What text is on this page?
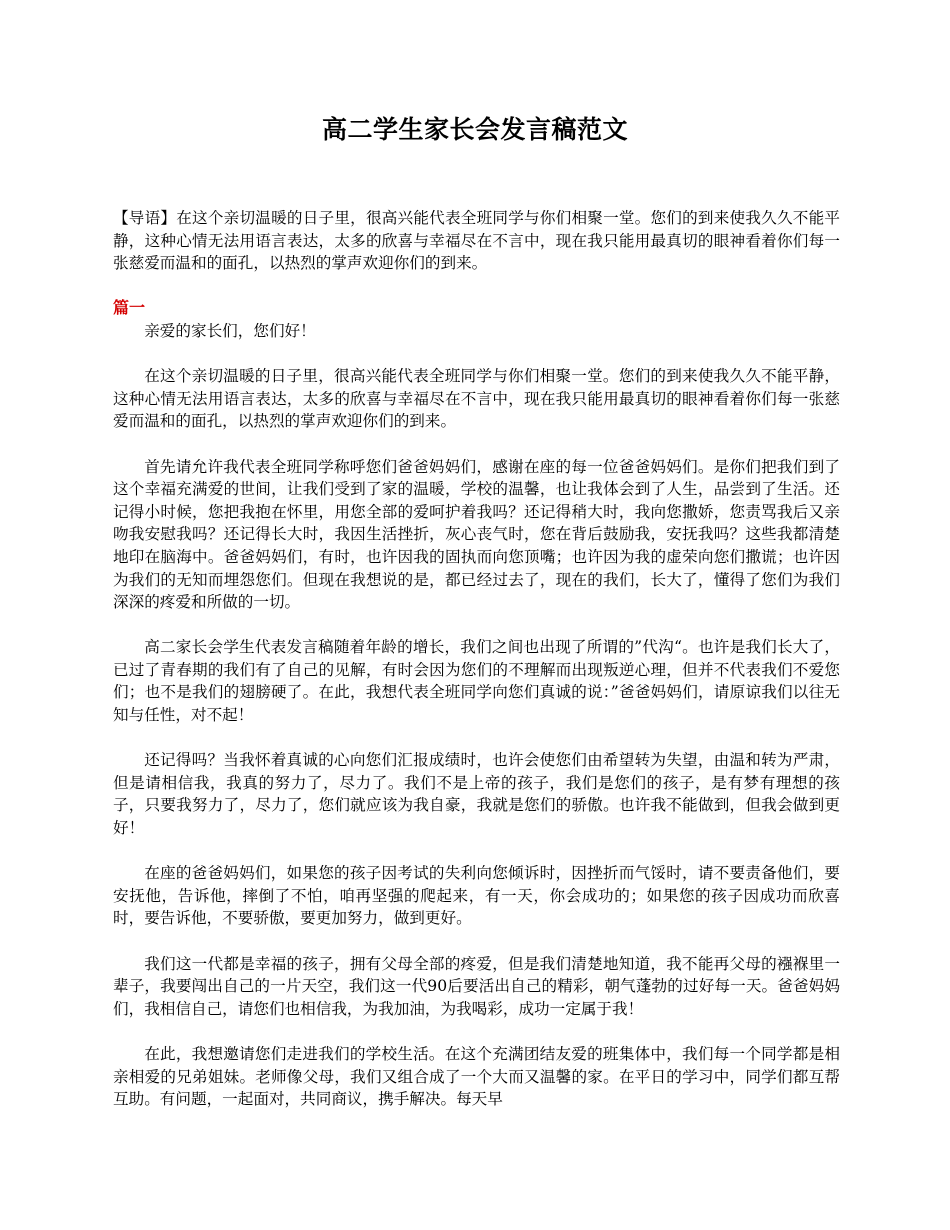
高二学生家长会发言稿范文

【导语】在这个亲切温暖的日子里，很高兴能代表全班同学与你们相聚一堂。您们的到来使我久久不能平静，这种心情无法用语言表达，太多的欣喜与幸福尽在不言中，现在我只能用最真切的眼神看着你们每一张慈爱而温和的面孔，以热烈的掌声欢迎你们的到来。

篇一

亲爱的家长们，您们好！

在这个亲切温暖的日子里，很高兴能代表全班同学与你们相聚一堂。您们的到来使我久久不能平静，这种心情无法用语言表达，太多的欣喜与幸福尽在不言中，现在我只能用最真切的眼神看着你们每一张慈爱而温和的面孔，以热烈的掌声欢迎你们的到来。

首先请允许我代表全班同学称呼您们爸爸妈妈们，感谢在座的每一位爸爸妈妈们。是你们把我们到了这个幸福充满爱的世间，让我们受到了家的温暖，学校的温馨，也让我体会到了人生，品尝到了生活。还记得小时候，您把我抱在怀里，用您全部的爱呵护着我吗？还记得稍大时，我向您撒娇，您责骂我后又亲吻我安慰我吗？还记得长大时，我因生活挫折，灰心丧气时，您在背后鼓励我，安抚我吗？这些我都清楚地印在脑海中。爸爸妈妈们，有时，也许因我的固执而向您顶嘴；也许因为我的虚荣向您们撒谎；也许因为我们的无知而埋怨您们。但现在我想说的是，都已经过去了，现在的我们，长大了，懂得了您们为我们深深的疼爱和所做的一切。

高二家长会学生代表发言稿随着年龄的增长，我们之间也出现了所谓的”代沟“。也许是我们长大了，已过了青春期的我们有了自己的见解，有时会因为您们的不理解而出现叛逆心理，但并不代表我们不爱您们；也不是我们的翅膀硬了。在此，我想代表全班同学向您们真诚的说：”爸爸妈妈们，请原谅我们以往无知与任性，对不起！

还记得吗？当我怀着真诚的心向您们汇报成绩时，也许会使您们由希望转为失望，由温和转为严肃，但是请相信我，我真的努力了，尽力了。我们不是上帝的孩子，我们是您们的孩子，是有梦有理想的孩子，只要我努力了，尽力了，您们就应该为我自豪，我就是您们的骄傲。也许我不能做到，但我会做到更好！

在座的爸爸妈妈们，如果您的孩子因考试的失利向您倾诉时，因挫折而气馁时，请不要责备他们，要安抚他，告诉他，摔倒了不怕，咱再坚强的爬起来，有一天，你会成功的；如果您的孩子因成功而欣喜时，要告诉他，不要骄傲，要更加努力，做到更好。

我们这一代都是幸福的孩子，拥有父母全部的疼爱，但是我们清楚地知道，我不能再父母的襁褓里一辈子，我要闯出自己的一片天空，我们这一代90后要活出自己的精彩，朝气蓬勃的过好每一天。爸爸妈妈们，我相信自己，请您们也相信我，为我加油，为我喝彩，成功一定属于我！

在此，我想邀请您们走进我们的学校生活。在这个充满团结友爱的班集体中，我们每一个同学都是相亲相爱的兄弟姐妹。老师像父母，我们又组合成了一个大而又温馨的家。在平日的学习中，同学们都互帮互助。有问题，一起面对，共同商议，携手解决。每天早
